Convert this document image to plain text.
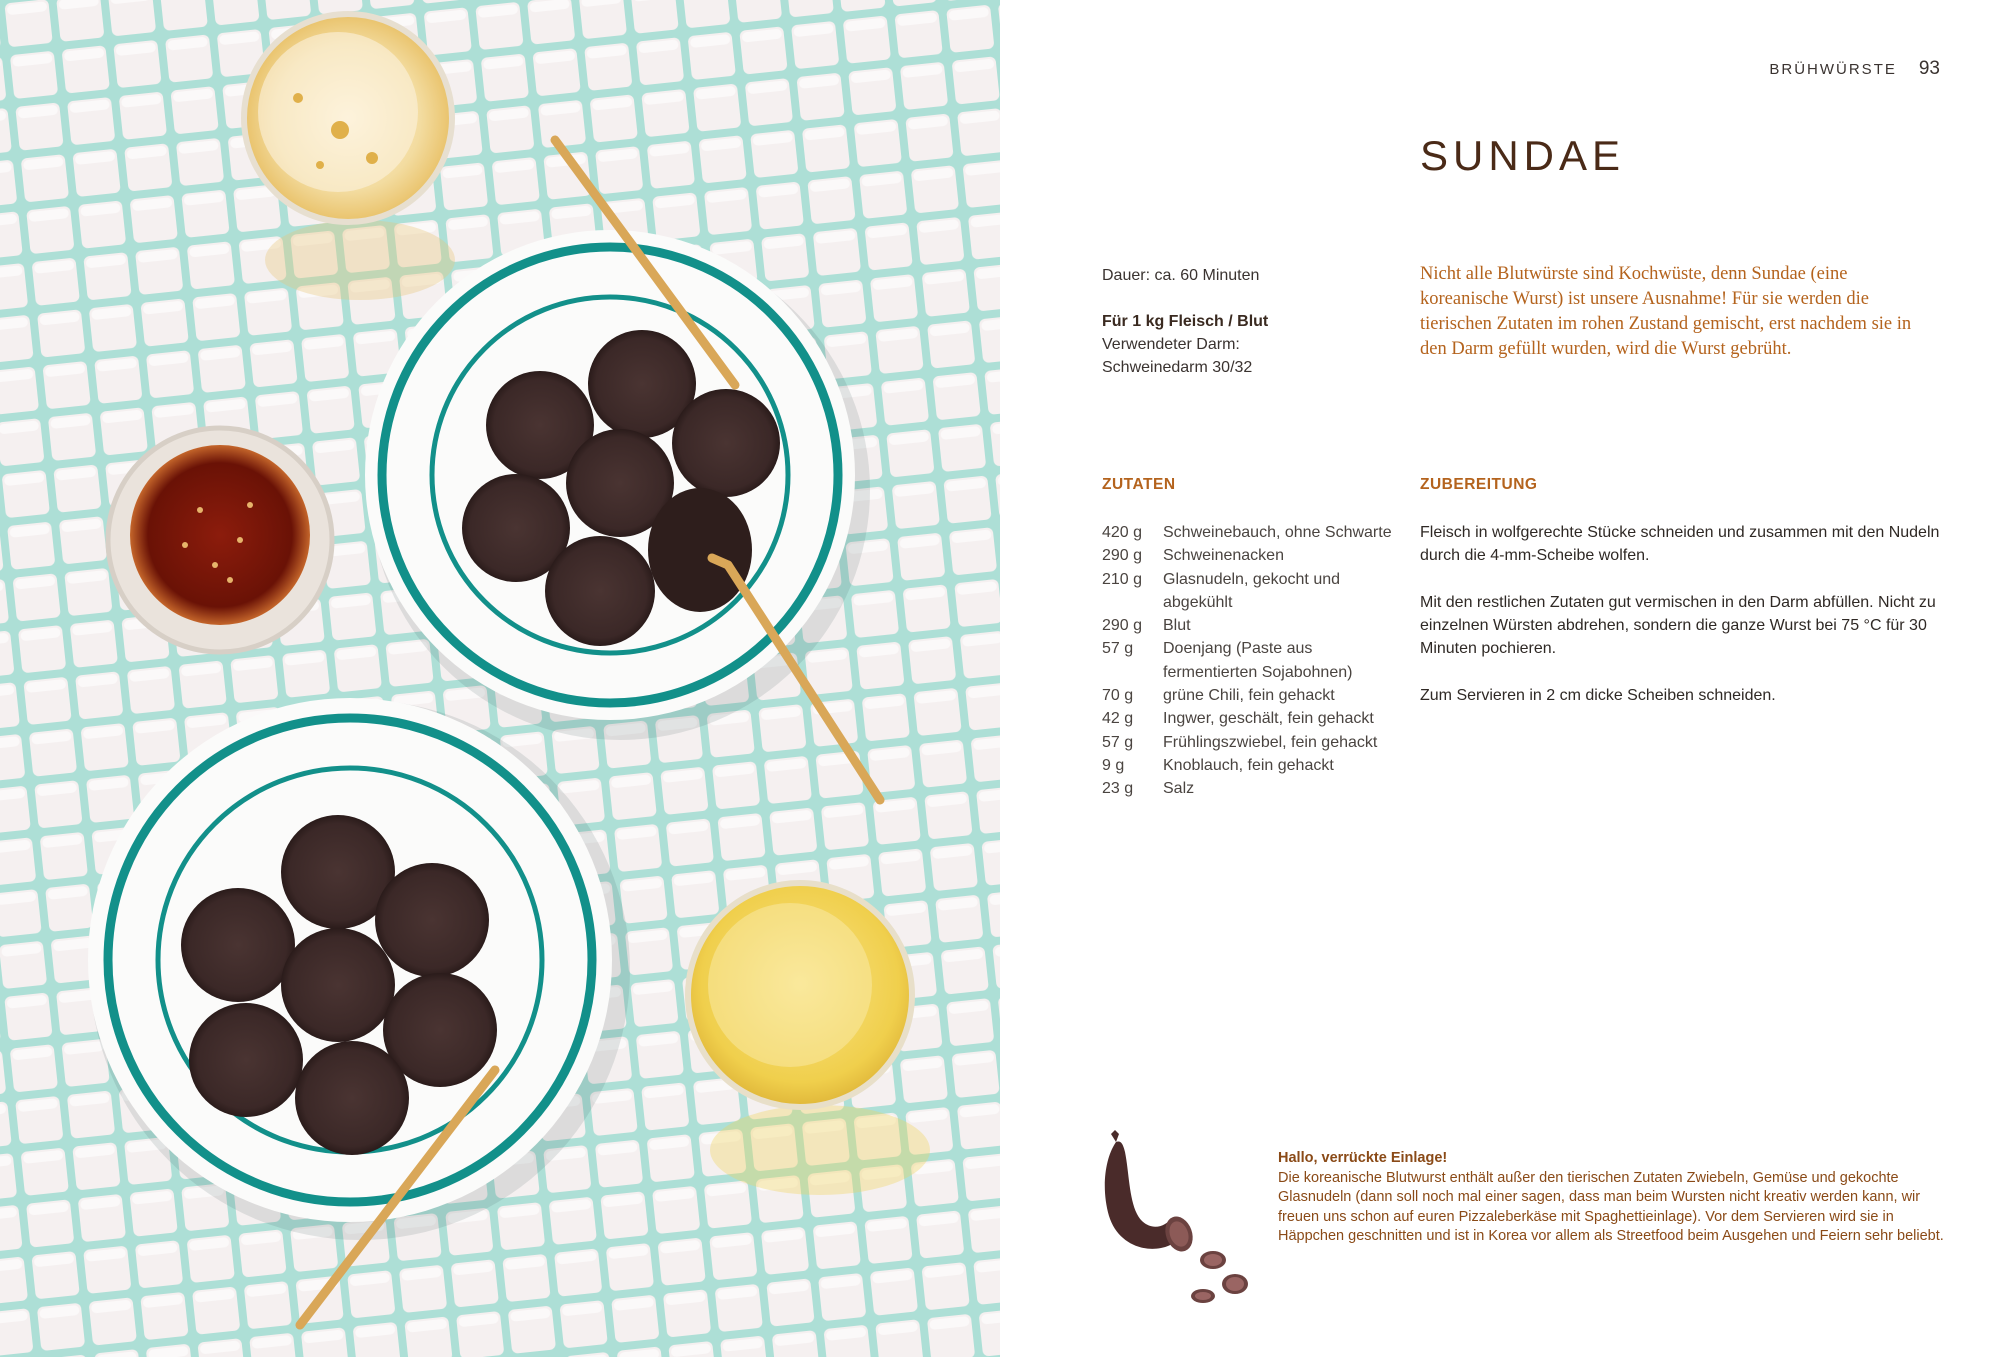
BRÜHWÜRSTE 93
SUNDAE
Dauer: ca. 60 Minuten
Für 1 kg Fleisch / Blut
Verwendeter Darm:
Schweinedarm 30/32

Nicht alle Blutwürste sind Kochwüste, denn Sundae (eine koreanische Wurst) ist unsere Ausnahme! Für sie werden die tierischen Zutaten im rohen Zustand gemischt, erst nachdem sie in den Darm gefüllt wurden, wird die Wurst gebrüht.

ZUTATEN	ZUBEREITUNG
420 g	Schweinebauch, ohne Schwarte
290 g	Schweinenacken
210 g	Glasnudeln, gekocht und abgekühlt
290 g	Blut
57 g	Doenjang (Paste aus fermentierten Sojabohnen)
70 g	grüne Chili, fein gehackt
42 g	Ingwer, geschält, fein gehackt
57 g	Frühlingszwiebel, fein gehackt
9 g	Knoblauch, fein gehackt
23 g	Salz

Fleisch in wolfgerechte Stücke schneiden und zusammen mit den Nudeln durch die 4-mm-Scheibe wolfen.

Mit den restlichen Zutaten gut vermischen in den Darm abfüllen. Nicht zu einzelnen Würsten abdrehen, sondern die ganze Wurst bei 75 °C für 30 Minuten pochieren.

Zum Servieren in 2 cm dicke Scheiben schneiden.

Hallo, verrückte Einlage!
Die koreanische Blutwurst enthält außer den tierischen Zutaten Zwiebeln, Gemüse und gekochte Glasnudeln (dann soll noch mal einer sagen, dass man beim Wursten nicht kreativ werden kann, wir freuen uns schon auf euren Pizzaleberkäse mit Spaghettieinlage). Vor dem Servieren wird sie in Häppchen geschnitten und ist in Korea vor allem als Streetfood beim Ausgehen und Feiern sehr beliebt.
